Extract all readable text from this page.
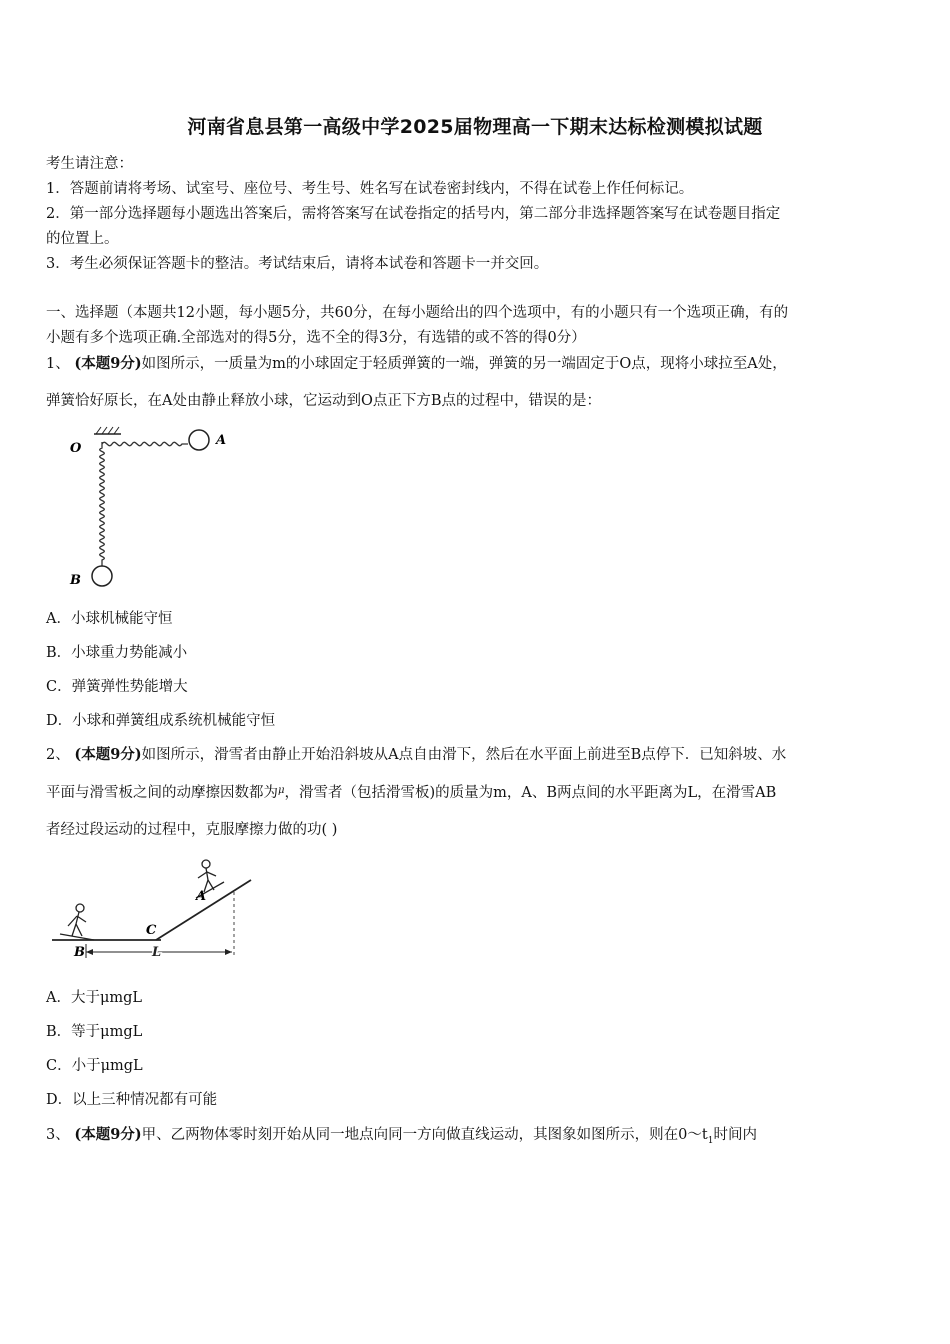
河南省息县第一高级中学2025届物理高一下期末达标检测模拟试题
考生请注意：
1．答题前请将考场、试室号、座位号、考生号、姓名写在试卷密封线内，不得在试卷上作任何标记。
2．第一部分选择题每小题选出答案后，需将答案写在试卷指定的括号内，第二部分非选择题答案写在试卷题目指定
的位置上。
3．考生必须保证答题卡的整洁。考试结束后，请将本试卷和答题卡一并交回。
一、选择题（本题共12小题，每小题5分，共60分，在每小题给出的四个选项中，有的小题只有一个选项正确，有的
小题有多个选项正确.全部选对的得5分，选不全的得3分，有选错的或不答的得0分）
1、 (本题9分)如图所示，一质量为m的小球固定于轻质弹簧的一端，弹簧的另一端固定于O点，现将小球拉至A处，
弹簧恰好原长，在A处由静止释放小球，它运动到O点正下方B点的过程中，错误的是：
O
A
B
A．小球机械能守恒
B．小球重力势能减小
C．弹簧弹性势能增大
D．小球和弹簧组成系统机械能守恒
2、 (本题9分)如图所示，滑雪者由静止开始沿斜坡从A点自由滑下，然后在水平面上前进至B点停下．已知斜坡、水
平面与滑雪板之间的动摩擦因数都为$^\mu$，滑雪者（包括滑雪板)的质量为m，A、B两点间的水平距离为L，在滑雪AB
者经过段运动的过程中，克服摩擦力做的功( )
A
B
C
L
A．大于μmgL
B．等于μmgL
C．小于μmgL
D．以上三种情况都有可能
3、 (本题9分)甲、乙两物体零时刻开始从同一地点向同一方向做直线运动，其图象如图所示，则在$0\sim t_1$时间内
